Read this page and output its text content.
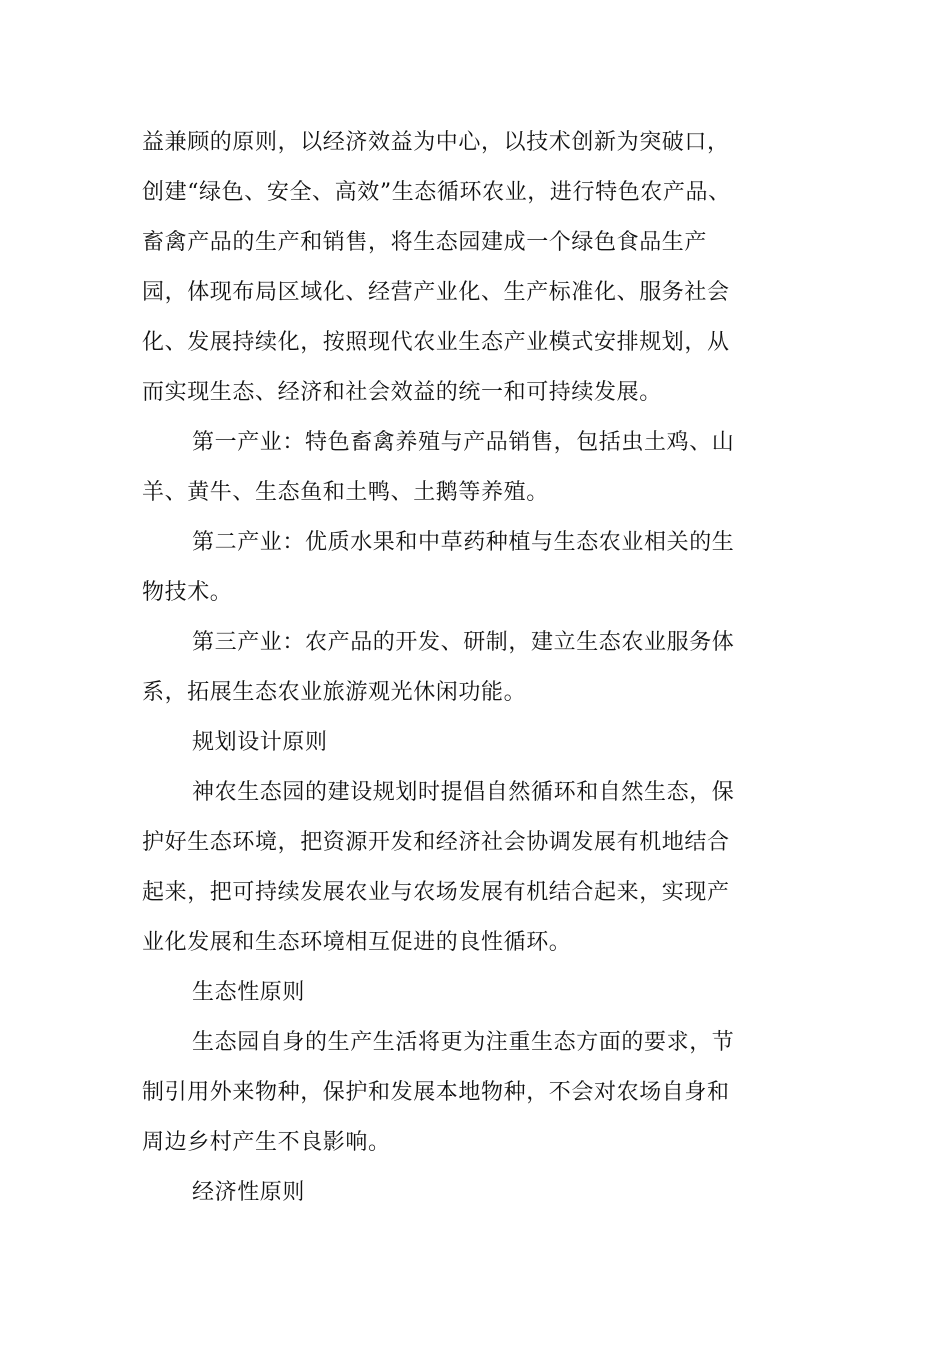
益兼顾的原则，以经济效益为中心，以技术创新为突破口，
创建“绿色、安全、高效”生态循环农业，进行特色农产品、
畜禽产品的生产和销售，将生态园建成一个绿色食品生产
园，体现布局区域化、经营产业化、生产标准化、服务社会
化、发展持续化，按照现代农业生态产业模式安排规划，从
而实现生态、经济和社会效益的统一和可持续发展。

第一产业：特色畜禽养殖与产品销售，包括虫土鸡、山
羊、黄牛、生态鱼和土鸭、土鹅等养殖。

第二产业：优质水果和中草药种植与生态农业相关的生
物技术。

第三产业：农产品的开发、研制，建立生态农业服务体
系，拓展生态农业旅游观光休闲功能。

规划设计原则

神农生态园的建设规划时提倡自然循环和自然生态，保
护好生态环境，把资源开发和经济社会协调发展有机地结合
起来，把可持续发展农业与农场发展有机结合起来，实现产
业化发展和生态环境相互促进的良性循环。

生态性原则

生态园自身的生产生活将更为注重生态方面的要求，节
制引用外来物种，保护和发展本地物种，不会对农场自身和
周边乡村产生不良影响。

经济性原则
